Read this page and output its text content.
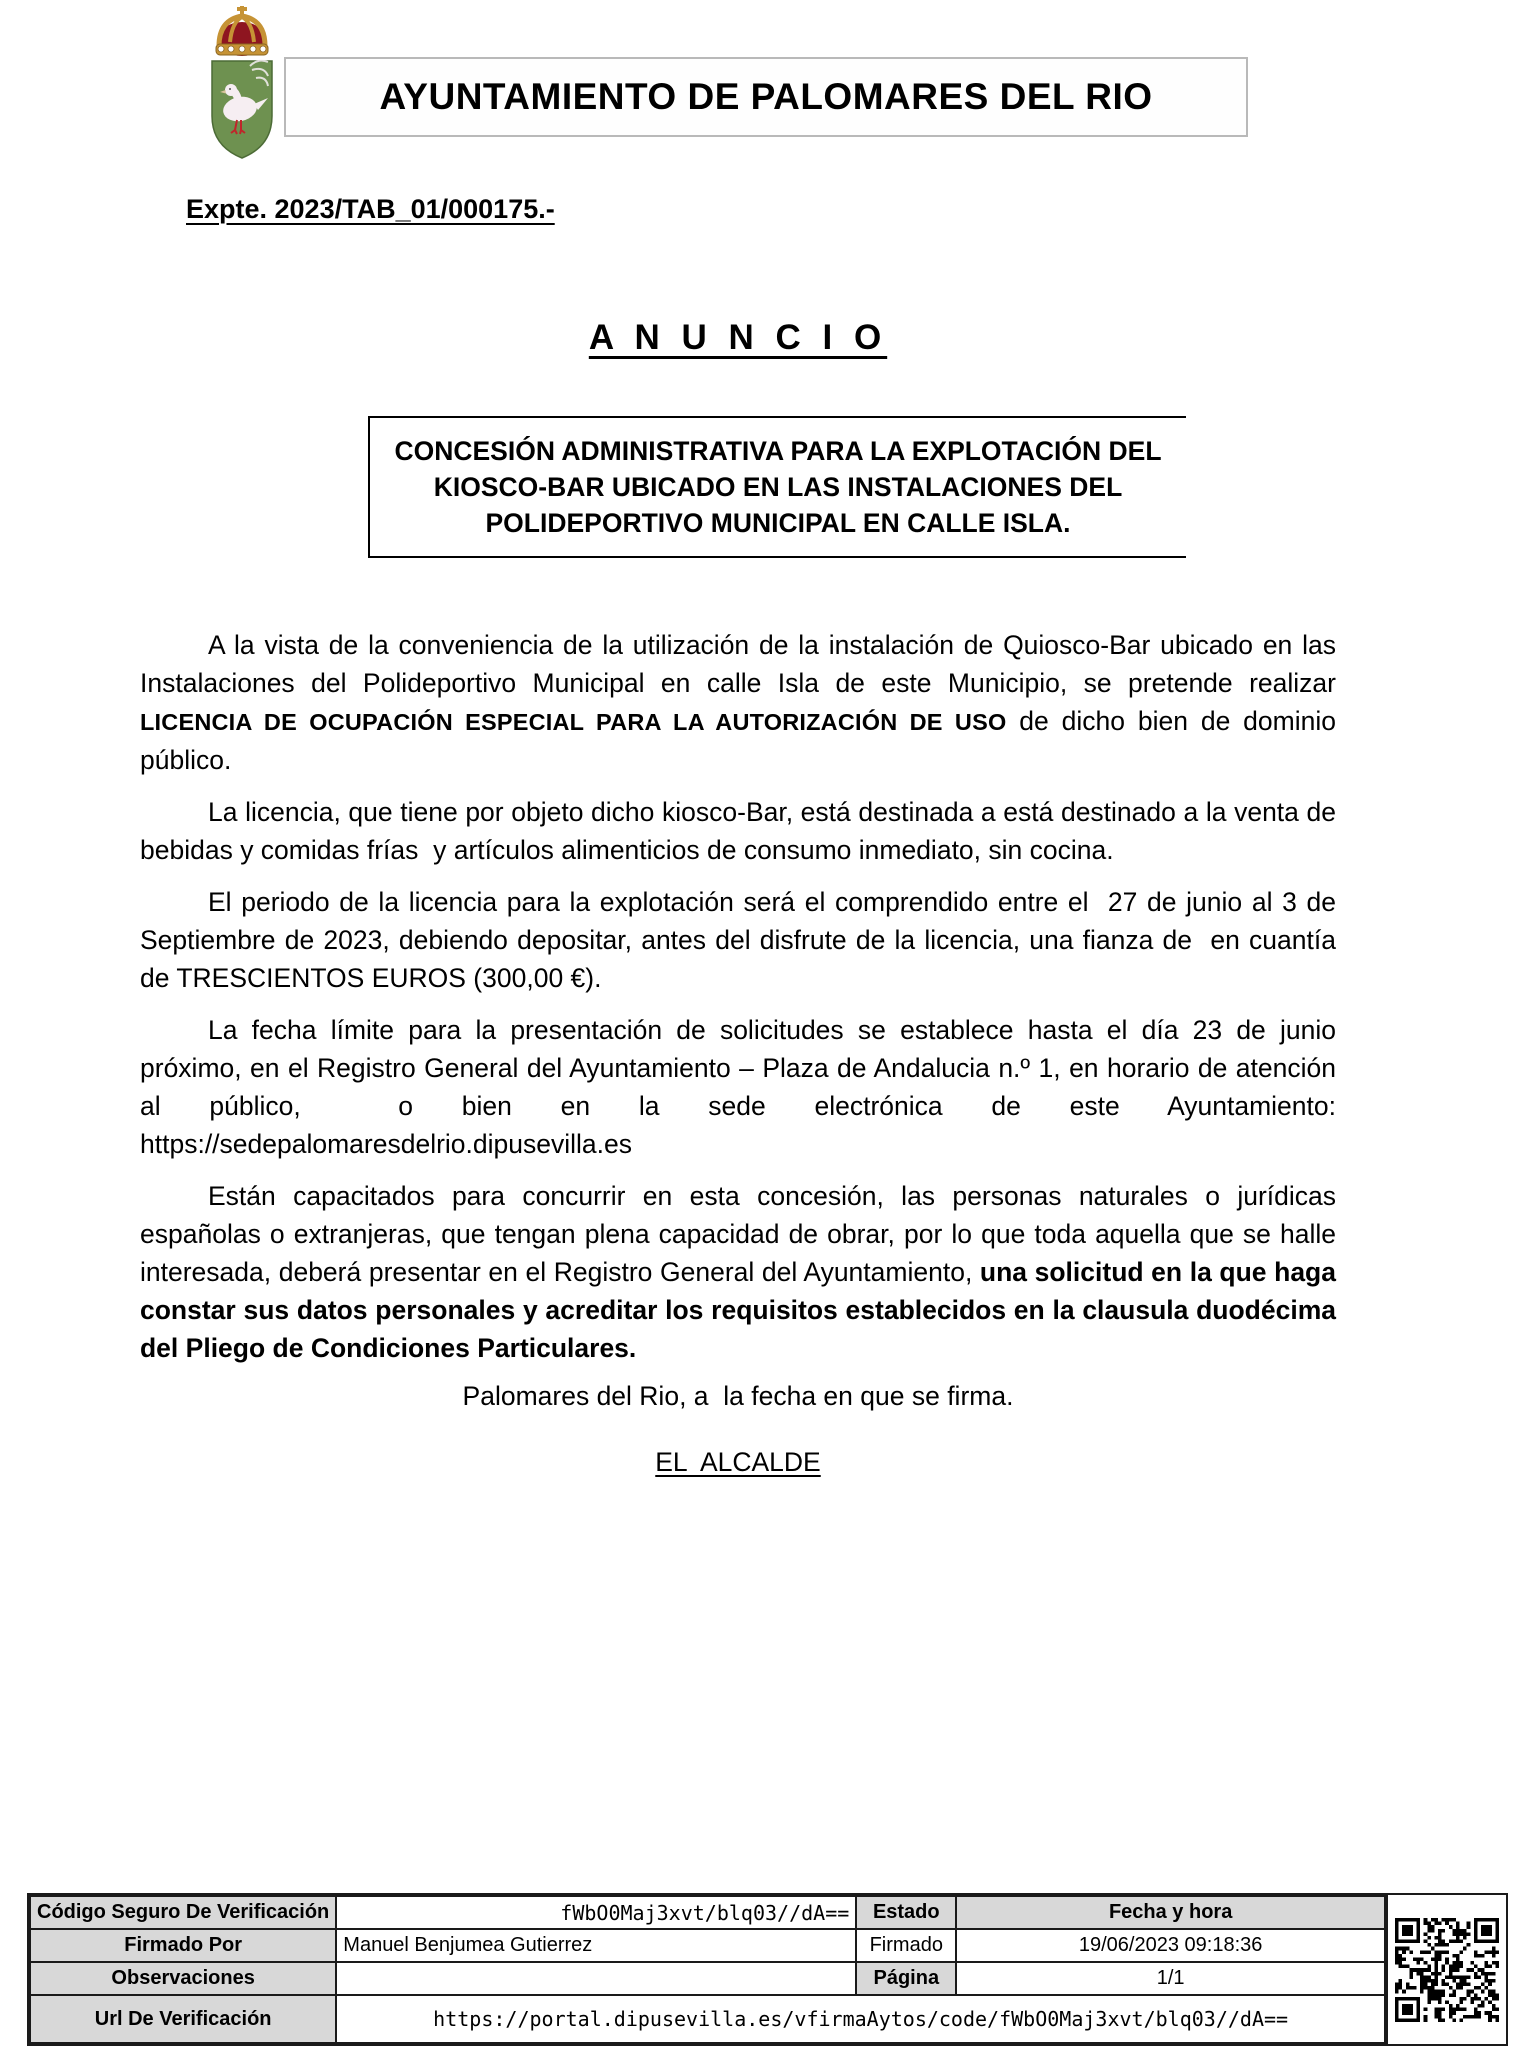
AYUNTAMIENTO DE PALOMARES DEL RIO
Expte. 2023/TAB_01/000175.-
A N U N C I O
CONCESIÓN ADMINISTRATIVA PARA LA EXPLOTACIÓN DEL
KIOSCO-BAR UBICADO EN LAS INSTALACIONES DEL
POLIDEPORTIVO MUNICIPAL EN CALLE ISLA.

A la vista de la conveniencia de la utilización de la instalación de Quiosco-Bar ubicado en las Instalaciones del Polideportivo Municipal en calle Isla de este Municipio, se pretende realizar LICENCIA DE OCUPACIÓN ESPECIAL PARA LA AUTORIZACIÓN DE USO de dicho bien de dominio público.

La licencia, que tiene por objeto dicho kiosco-Bar, está destinada a está destinado a la venta de bebidas y comidas frías  y artículos alimenticios de consumo inmediato, sin cocina.

El periodo de la licencia para la explotación será el comprendido entre el  27 de junio al 3 de Septiembre de 2023, debiendo depositar, antes del disfrute de la licencia, una fianza de  en cuantía de TRESCIENTOS EUROS (300,00 €).

La fecha límite para la presentación de solicitudes se establece hasta el día 23 de junio próximo, en el Registro General del Ayuntamiento – Plaza de Andalucia n.º 1, en horario de atención al público,  o bien en la sede electrónica de este Ayuntamiento: https://sedepalomaresdelrio.dipusevilla.es

Están capacitados para concurrir en esta concesión, las personas naturales o jurídicas españolas o extranjeras, que tengan plena capacidad de obrar, por lo que toda aquella que se halle interesada, deberá presentar en el Registro General del Ayuntamiento, una solicitud en la que haga constar sus datos personales y acreditar los requisitos establecidos en la clausula duodécima del Pliego de Condiciones Particulares.

Palomares del Rio, a  la fecha en que se firma.
EL  ALCALDE
Código Seguro De Verificación	fWbO0Maj3xvt/blq03//dA==	Estado	Fecha y hora
Firmado Por	Manuel Benjumea Gutierrez	Firmado	19/06/2023 09:18:36
Observaciones		Página	1/1
Url De Verificación	https://portal.dipusevilla.es/vfirmaAytos/code/fWbO0Maj3xvt/blq03//dA==		
